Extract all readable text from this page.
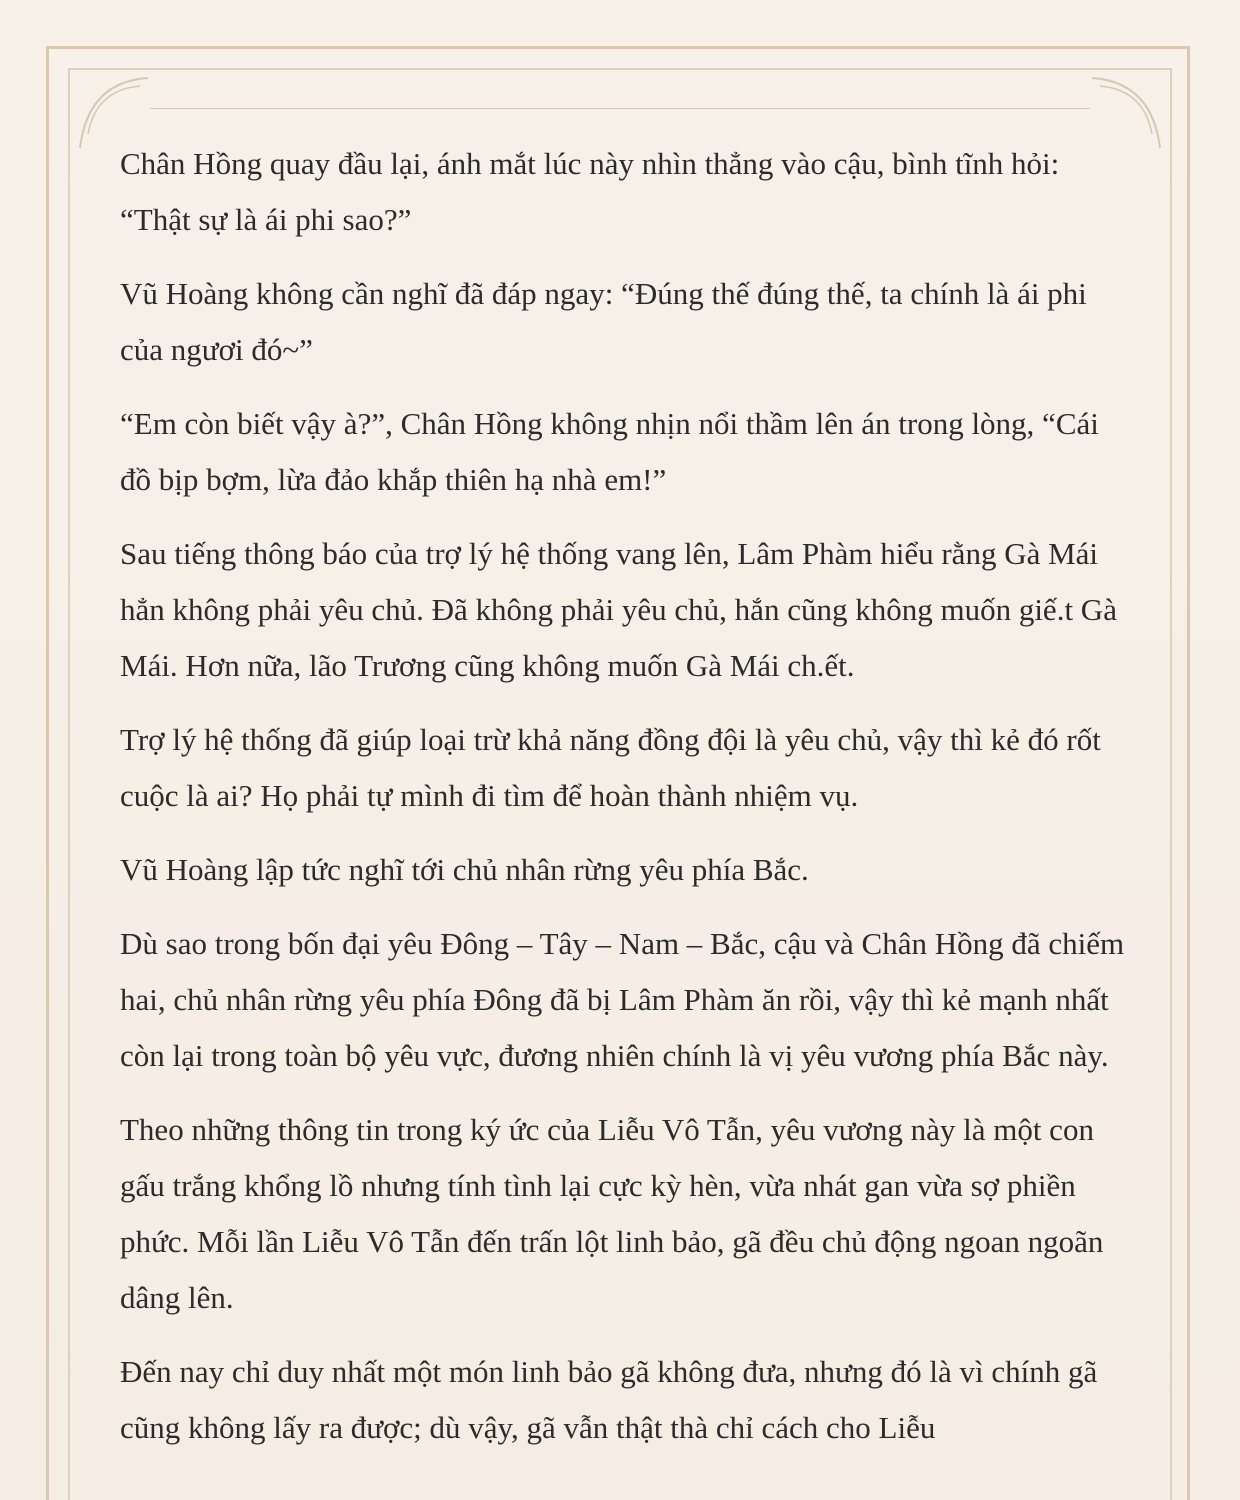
Chân Hồng quay đầu lại, ánh mắt lúc này nhìn thẳng vào cậu, bình tĩnh hỏi: “Thật sự là ái phi sao?”

Vũ Hoàng không cần nghĩ đã đáp ngay: “Đúng thế đúng thế, ta chính là ái phi của ngươi đó~”

“Em còn biết vậy à?”, Chân Hồng không nhịn nổi thầm lên án trong lòng, “Cái đồ bịp bợm, lừa đảo khắp thiên hạ nhà em!”

Sau tiếng thông báo của trợ lý hệ thống vang lên, Lâm Phàm hiểu rằng Gà Mái hẳn không phải yêu chủ. Đã không phải yêu chủ, hắn cũng không muốn giế.t Gà Mái. Hơn nữa, lão Trương cũng không muốn Gà Mái ch.ết.

Trợ lý hệ thống đã giúp loại trừ khả năng đồng đội là yêu chủ, vậy thì kẻ đó rốt cuộc là ai? Họ phải tự mình đi tìm để hoàn thành nhiệm vụ.

Vũ Hoàng lập tức nghĩ tới chủ nhân rừng yêu phía Bắc.

Dù sao trong bốn đại yêu Đông – Tây – Nam – Bắc, cậu và Chân Hồng đã chiếm hai, chủ nhân rừng yêu phía Đông đã bị Lâm Phàm ăn rồi, vậy thì kẻ mạnh nhất còn lại trong toàn bộ yêu vực, đương nhiên chính là vị yêu vương phía Bắc này.

Theo những thông tin trong ký ức của Liễu Vô Tẫn, yêu vương này là một con gấu trắng khổng lồ nhưng tính tình lại cực kỳ hèn, vừa nhát gan vừa sợ phiền phức. Mỗi lần Liễu Vô Tẫn đến trấn lột linh bảo, gã đều chủ động ngoan ngoãn dâng lên.

Đến nay chỉ duy nhất một món linh bảo gã không đưa, nhưng đó là vì chính gã cũng không lấy ra được; dù vậy, gã vẫn thật thà chỉ cách cho Liễu
